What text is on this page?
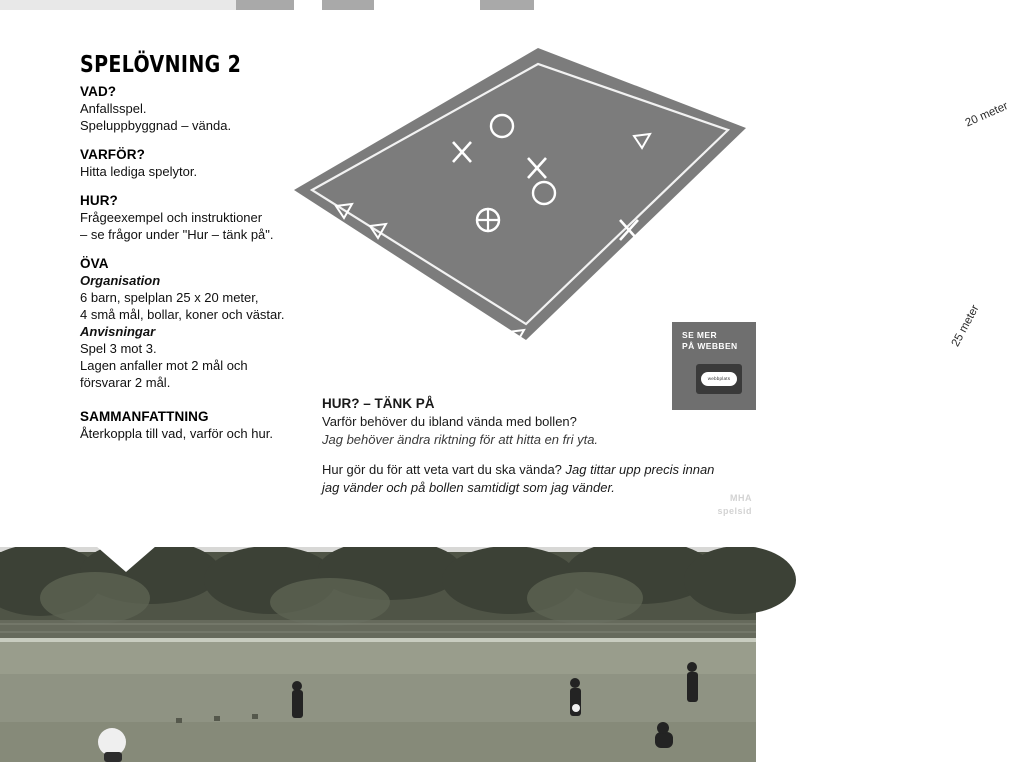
SPELÖVNING 2
VAD?

Anfallsspel.

Speluppbyggnad – vända.

VARFÖR?

Hitta lediga spelytor.

HUR?

Frågeexempel och instruktioner

– se frågor under "Hur – tänk på".

ÖVA

Organisation

6 barn, spelplan 25 x 20 meter,

4 små mål, bollar, koner och västar.

Anvisningar

Spel 3 mot 3.

Lagen anfaller mot 2 mål och

försvarar 2 mål.

SAMMANFATTNING

Återkoppla till vad, varför och hur.

20 meter
25 meter
SE MER
PÅ WEBBEN
webbplats
HUR? – TÄNK PÅ

Varför behöver du ibland vända med bollen?

Jag behöver ändra riktning för att hitta en fri yta.

Hur gör du för att veta vart du ska vända? Jag tittar upp precis innan jag vänder och på bollen samtidigt som jag vänder.

MHA
spelsid
